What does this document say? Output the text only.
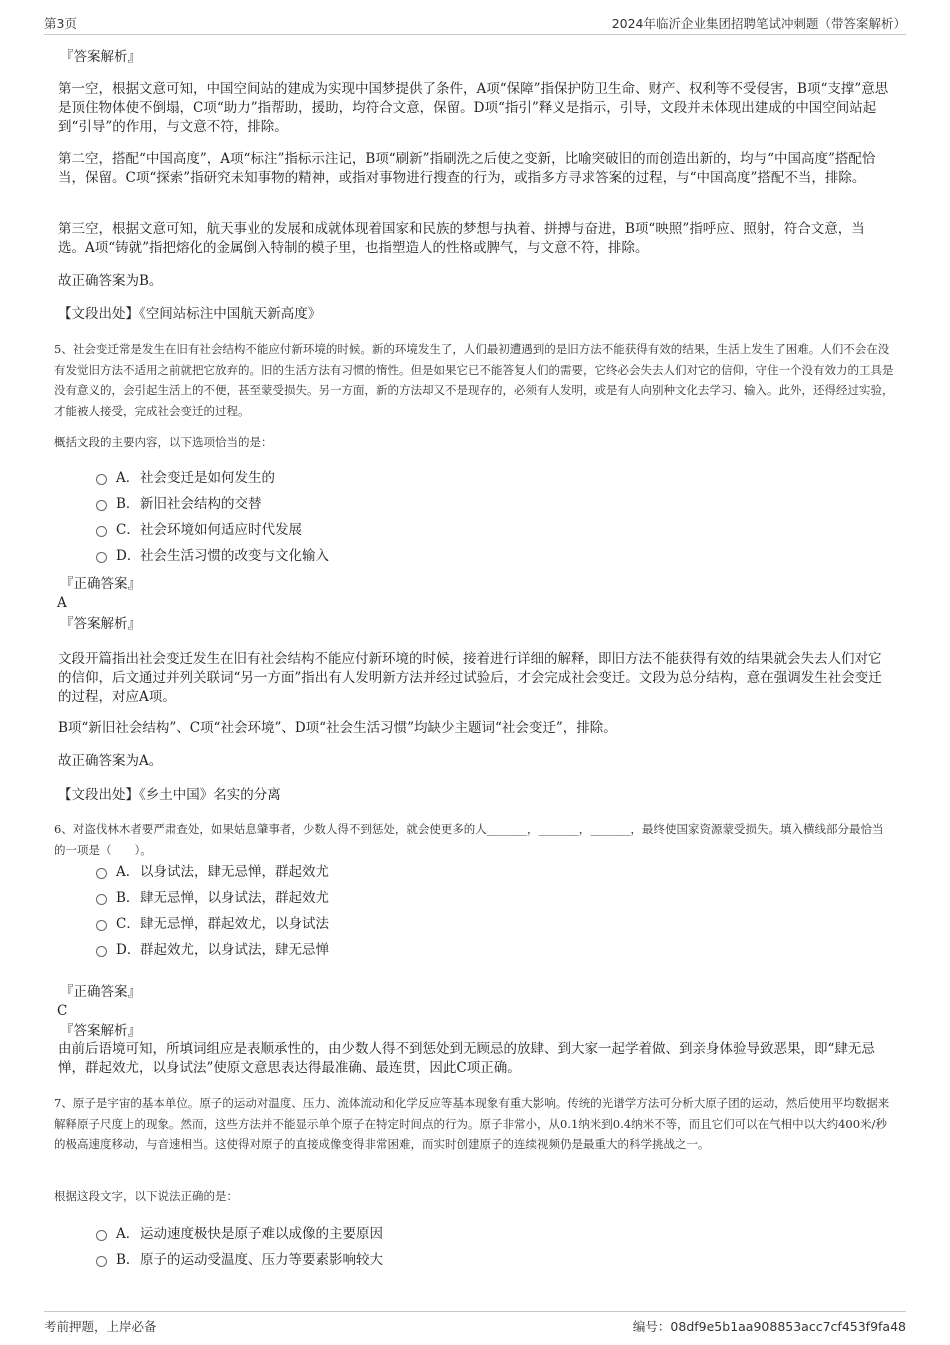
第3页	2024年临沂企业集团招聘笔试冲刺题（带答案解析）
『答案解析』
第一空，根据文意可知，中国空间站的建成为实现中国梦提供了条件，A项“保障”指保护防卫生命、财产、权利等不受侵害，B项“支撑”意思是顶住物体使不倒塌，C项“助力”指帮助，援助，均符合文意，保留。D项“指引”释义是指示，引导，文段并未体现出建成的中国空间站起到“引导”的作用，与文意不符，排除。
第二空，搭配“中国高度”，A项“标注”指标示注记，B项“刷新”指刷洗之后使之变新，比喻突破旧的而创造出新的，均与“中国高度”搭配恰当，保留。C项“探索”指研究未知事物的精神，或指对事物进行搜查的行为，或指多方寻求答案的过程，与“中国高度”搭配不当，排除。
第三空，根据文意可知，航天事业的发展和成就体现着国家和民族的梦想与执着、拼搏与奋进，B项“映照”指呼应、照射，符合文意，当选。A项“铸就”指把熔化的金属倒入特制的模子里，也指塑造人的性格或脾气，与文意不符，排除。
故正确答案为B。
【文段出处】《空间站标注中国航天新高度》
5、社会变迁常是发生在旧有社会结构不能应付新环境的时候。新的环境发生了，人们最初遭遇到的是旧方法不能获得有效的结果，生活上发生了困难。人们不会在没有发觉旧方法不适用之前就把它放弃的。旧的生活方法有习惯的惰性。但是如果它已不能答复人们的需要，它终必会失去人们对它的信仰，守住一个没有效力的工具是没有意义的，会引起生活上的不便，甚至蒙受损失。另一方面，新的方法却又不是现存的，必须有人发明，或是有人向别种文化去学习、输入。此外，还得经过实验，才能被人接受，完成社会变迁的过程。
概括文段的主要内容，以下选项恰当的是：
A． 社会变迁是如何发生的
B． 新旧社会结构的交替
C． 社会环境如何适应时代发展
D． 社会生活习惯的改变与文化输入
『正确答案』
A
『答案解析』
文段开篇指出社会变迁发生在旧有社会结构不能应付新环境的时候，接着进行详细的解释，即旧方法不能获得有效的结果就会失去人们对它的信仰，后文通过并列关联词“另一方面”指出有人发明新方法并经过试验后，才会完成社会变迁。文段为总分结构，意在强调发生社会变迁的过程，对应A项。
B项“新旧社会结构”、C项“社会环境”、D项“社会生活习惯”均缺少主题词“社会变迁”，排除。
故正确答案为A。
【文段出处】《乡土中国》名实的分离
6、对盗伐林木者要严肃查处，如果姑息肇事者，少数人得不到惩处，就会使更多的人_______，_______，_______，最终使国家资源蒙受损失。填入横线部分最恰当的一项是（　　）。
A． 以身试法，肆无忌惮，群起效尤
B． 肆无忌惮，以身试法，群起效尤
C． 肆无忌惮，群起效尤，以身试法
D． 群起效尤，以身试法，肆无忌惮
『正确答案』
C
『答案解析』
由前后语境可知，所填词组应是表顺承性的，由少数人得不到惩处到无顾忌的放肆、到大家一起学着做、到亲身体验导致恶果，即“肆无忌惮，群起效尤，以身试法”使原文意思表达得最准确、最连贯，因此C项正确。
7、原子是宇宙的基本单位。原子的运动对温度、压力、流体流动和化学反应等基本现象有重大影响。传统的光谱学方法可分析大原子团的运动，然后使用平均数据来解释原子尺度上的现象。然而，这些方法并不能显示单个原子在特定时间点的行为。原子非常小，从0.1纳米到0.4纳米不等，而且它们可以在气相中以大约400米/秒的极高速度移动，与音速相当。这使得对原子的直接成像变得非常困难，而实时创建原子的连续视频仍是最重大的科学挑战之一。
根据这段文字，以下说法正确的是：
A． 运动速度极快是原子难以成像的主要原因
B． 原子的运动受温度、压力等要素影响较大
考前押题，上岸必备	编号：08df9e5b1aa908853acc7cf453f9fa48
